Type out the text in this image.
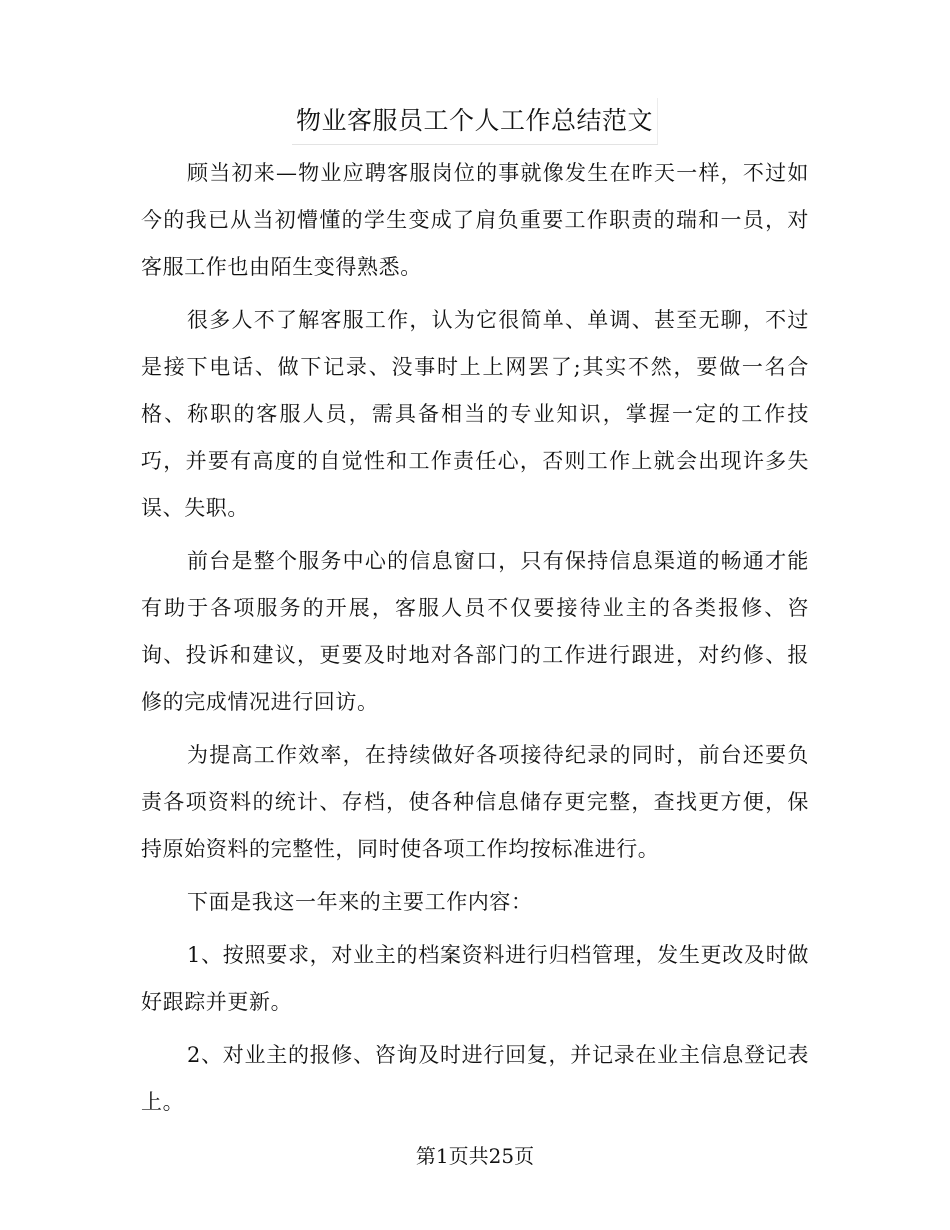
物业客服员工个人工作总结范文

顾当初来—物业应聘客服岗位的事就像发生在昨天一样，不过如今的我已从当初懵懂的学生变成了肩负重要工作职责的瑞和一员，对客服工作也由陌生变得熟悉。

很多人不了解客服工作，认为它很简单、单调、甚至无聊，不过是接下电话、做下记录、没事时上上网罢了;其实不然，要做一名合格、称职的客服人员，需具备相当的专业知识，掌握一定的工作技巧，并要有高度的自觉性和工作责任心，否则工作上就会出现许多失误、失职。

前台是整个服务中心的信息窗口，只有保持信息渠道的畅通才能有助于各项服务的开展，客服人员不仅要接待业主的各类报修、咨询、投诉和建议，更要及时地对各部门的工作进行跟进，对约修、报修的完成情况进行回访。

为提高工作效率，在持续做好各项接待纪录的同时，前台还要负责各项资料的统计、存档，使各种信息储存更完整，查找更方便，保持原始资料的完整性，同时使各项工作均按标准进行。

下面是我这一年来的主要工作内容：

1、按照要求，对业主的档案资料进行归档管理，发生更改及时做好跟踪并更新。

2、对业主的报修、咨询及时进行回复，并记录在业主信息登记表上。

第1页共25页
